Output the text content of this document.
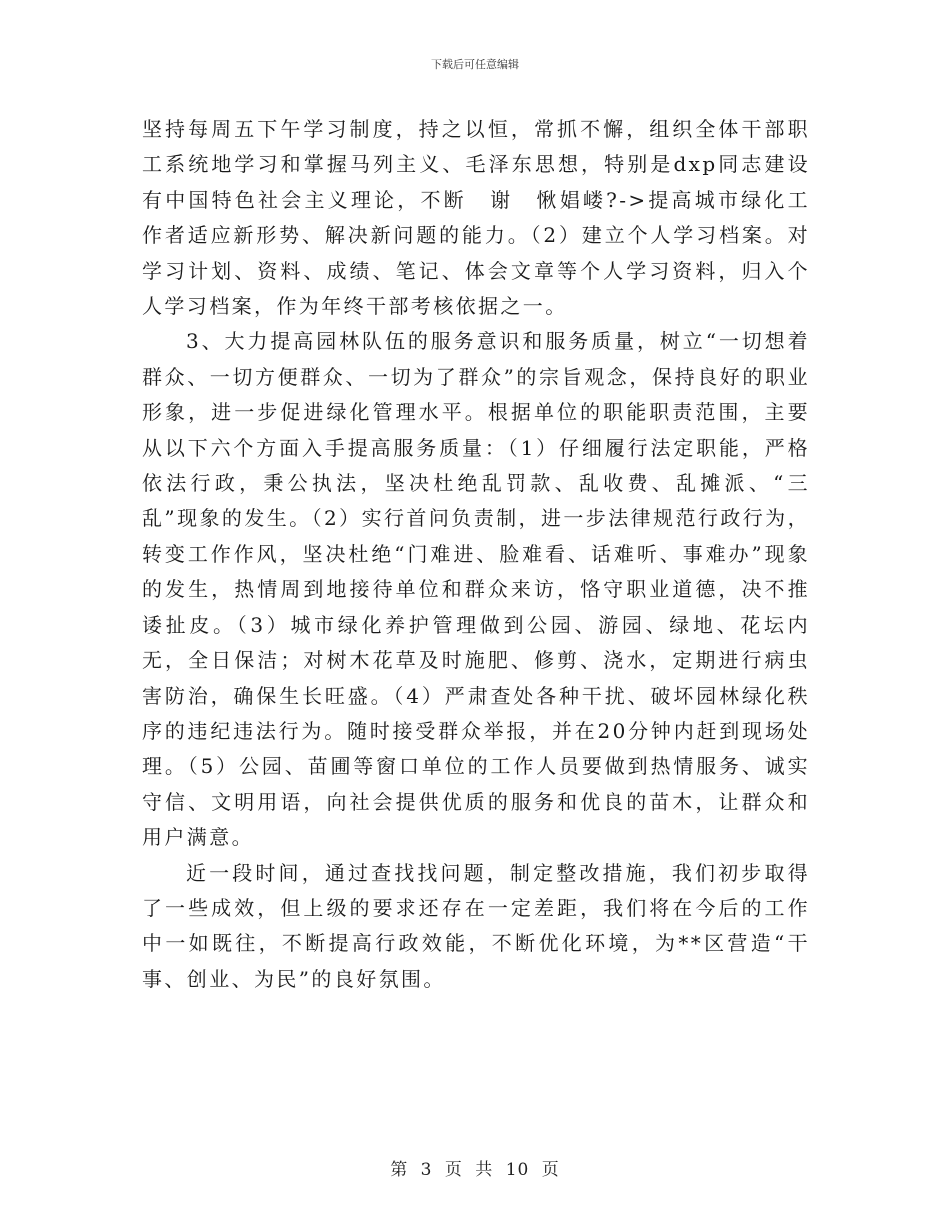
下载后可任意编辑

坚持每周五下午学习制度，持之以恒，常抓不懈，组织全体干部职工系统地学习和掌握马列主义、毛泽东思想，特别是dxp同志建设有中国特色社会主义理论，不断　谢　愀娼嵝?->提高城市绿化工作者适应新形势、解决新问题的能力。（2）建立个人学习档案。对学习计划、资料、成绩、笔记、体会文章等个人学习资料，归入个人学习档案，作为年终干部考核依据之一。

3、大力提高园林队伍的服务意识和服务质量，树立“一切想着群众、一切方便群众、一切为了群众”的宗旨观念，保持良好的职业形象，进一步促进绿化管理水平。根据单位的职能职责范围，主要从以下六个方面入手提高服务质量：（1）仔细履行法定职能，严格依法行政，秉公执法，坚决杜绝乱罚款、乱收费、乱摊派、“三乱”现象的发生。（2）实行首问负责制，进一步法律规范行政行为，转变工作作风，坚决杜绝“门难进、脸难看、话难听、事难办”现象的发生，热情周到地接待单位和群众来访，恪守职业道德，决不推诿扯皮。（3）城市绿化养护管理做到公园、游园、绿地、花坛内无，全日保洁；对树木花草及时施肥、修剪、浇水，定期进行病虫害防治，确保生长旺盛。（4）严肃查处各种干扰、破坏园林绿化秩序的违纪违法行为。随时接受群众举报，并在20分钟内赶到现场处理。（5）公园、苗圃等窗口单位的工作人员要做到热情服务、诚实守信、文明用语，向社会提供优质的服务和优良的苗木，让群众和用户满意。

近一段时间，通过查找找问题，制定整改措施，我们初步取得了一些成效，但上级的要求还存在一定差距，我们将在今后的工作中一如既往，不断提高行政效能，不断优化环境，为**区营造“干事、创业、为民”的良好氛围。

第 3 页 共 10 页
